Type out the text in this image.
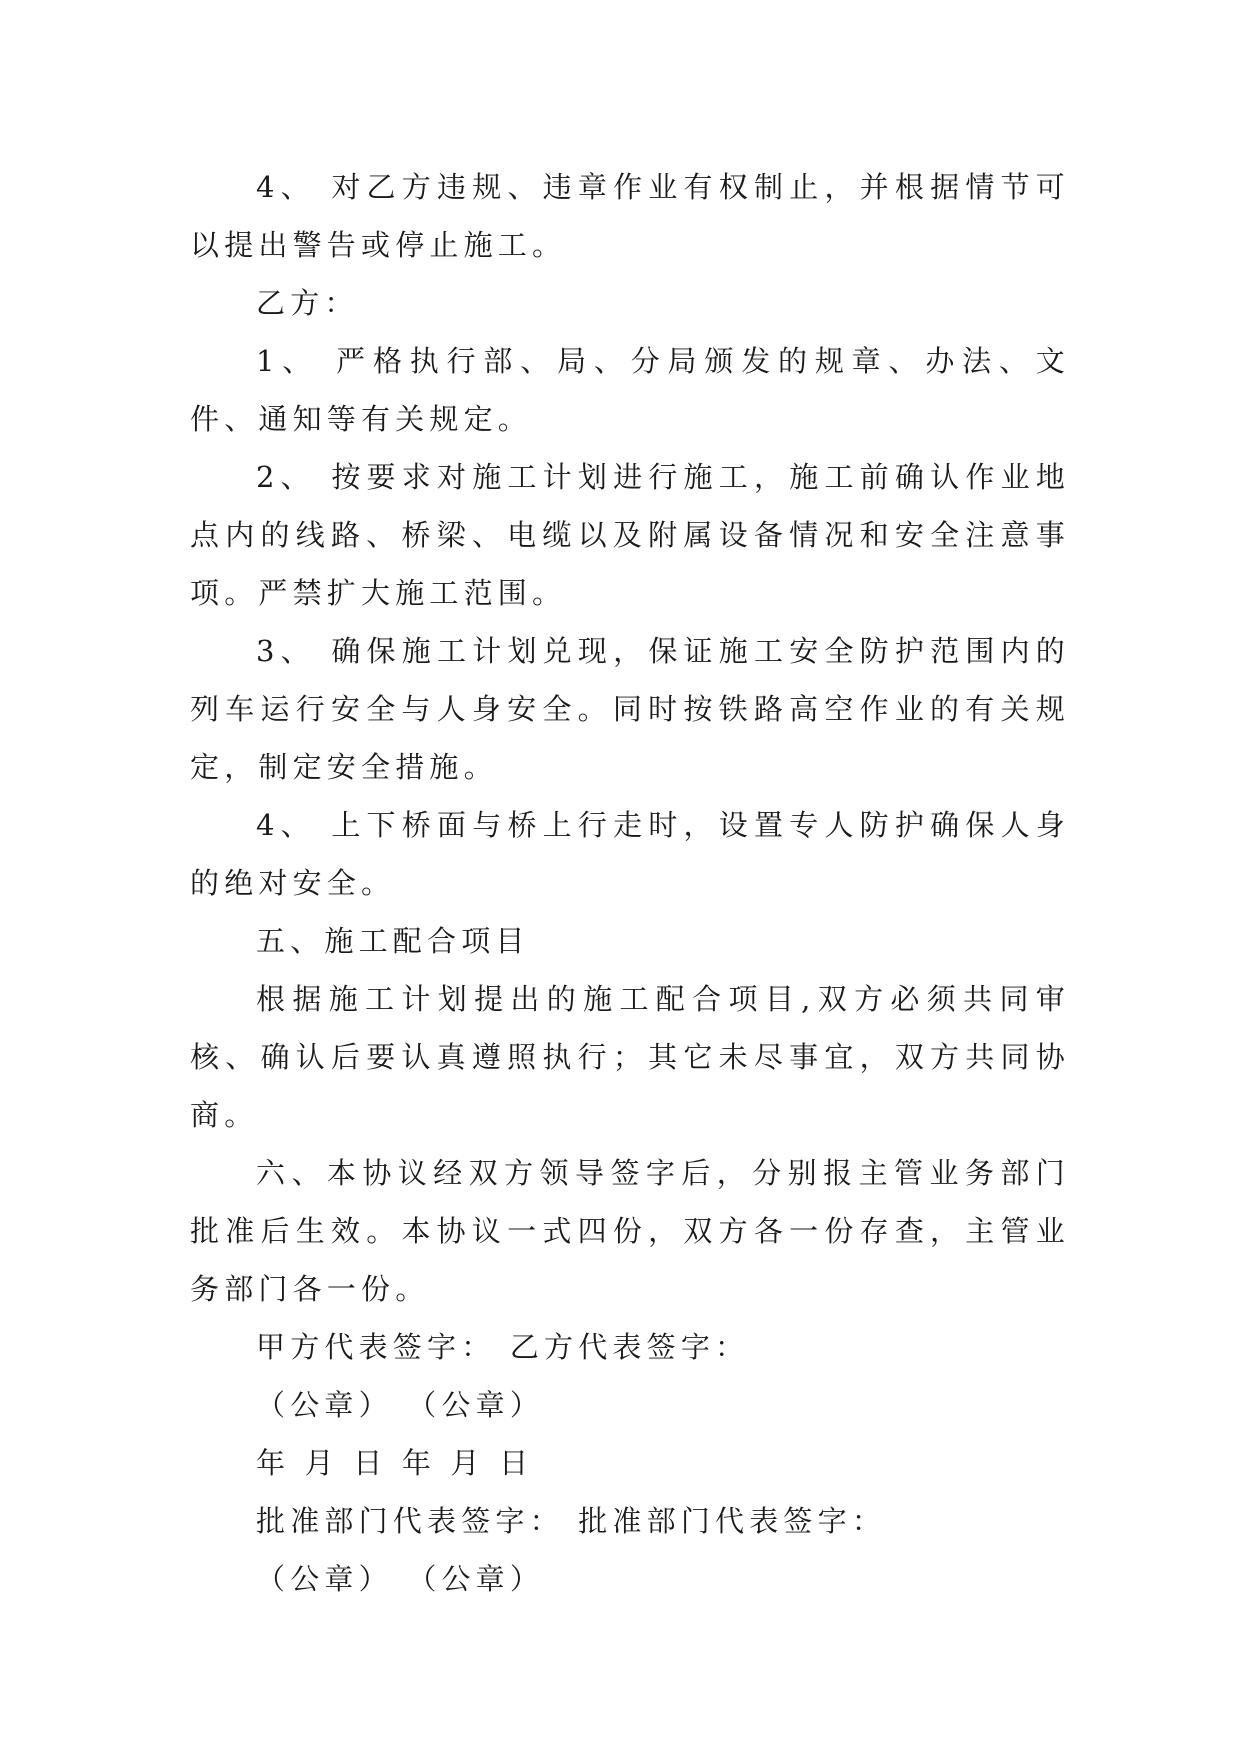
4、 对乙方违规、违章作业有权制止，并根据情节可以提出警告或停止施工。

乙方：

1、 严格执行部、局、分局颁发的规章、办法、文件、通知等有关规定。

2、 按要求对施工计划进行施工，施工前确认作业地点内的线路、桥梁、电缆以及附属设备情况和安全注意事项。严禁扩大施工范围。

3、 确保施工计划兑现，保证施工安全防护范围内的列车运行安全与人身安全。同时按铁路高空作业的有关规定，制定安全措施。

4、 上下桥面与桥上行走时，设置专人防护确保人身的绝对安全。

五、施工配合项目

根据施工计划提出的施工配合项目,双方必须共同审核、确认后要认真遵照执行；其它未尽事宜，双方共同协商。

六、本协议经双方领导签字后，分别报主管业务部门批准后生效。本协议一式四份，双方各一份存查，主管业务部门各一份。

甲方代表签字： 乙方代表签字：

（公章） （公章）

年 月 日 年 月 日

批准部门代表签字： 批准部门代表签字：

（公章） （公章）
